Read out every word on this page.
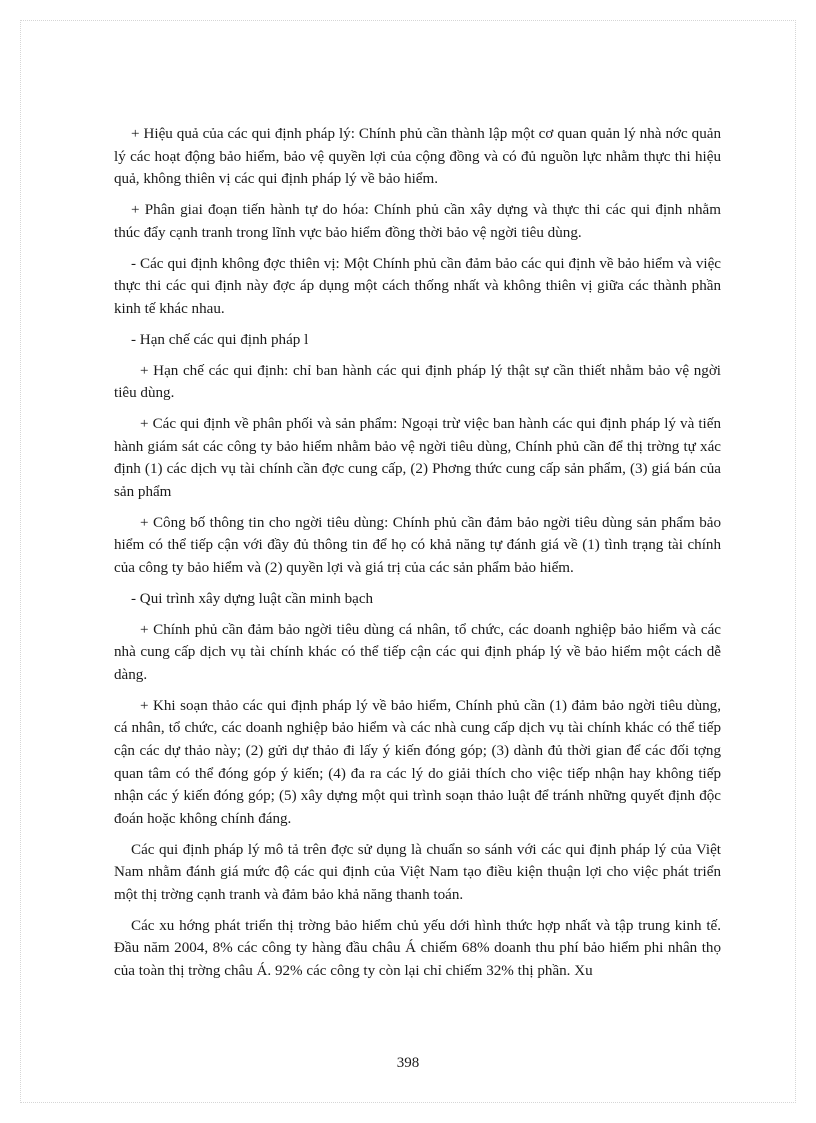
+ Hiệu quả của các qui định pháp lý: Chính phủ cần thành lập một cơ quan quản lý nhà nớc quản lý các hoạt động bảo hiểm, bảo vệ quyền lợi của cộng đồng và có đủ nguồn lực nhằm thực thi hiệu quả, không thiên vị các qui định pháp lý về bảo hiểm.

+ Phân giai đoạn tiến hành tự do hóa: Chính phủ cần xây dựng và thực thi các qui định nhằm thúc đẩy cạnh tranh trong lĩnh vực bảo hiểm đồng thời bảo vệ ngời tiêu dùng.

- Các qui định không đợc thiên vị: Một Chính phủ cần đảm bảo các qui định về bảo hiểm và việc thực thi các qui định này đợc áp dụng một cách thống nhất và không thiên vị giữa các thành phần kinh tế khác nhau.

- Hạn chế các qui định pháp l

+ Hạn chế các qui định: chỉ ban hành các qui định pháp lý thật sự cần thiết nhằm bảo vệ ngời tiêu dùng.

+ Các qui định về phân phối và sản phẩm: Ngoại trừ việc ban hành các qui định pháp lý và tiến hành giám sát các công ty bảo hiểm nhằm bảo vệ ngời tiêu dùng, Chính phủ cần để thị trờng tự xác định (1) các dịch vụ tài chính cần đợc cung cấp, (2) Phơng thức cung cấp sản phẩm, (3) giá bán của sản phẩm

+ Công bố thông tin cho ngời tiêu dùng: Chính phủ cần đảm bảo ngời tiêu dùng sản phẩm bảo hiểm có thể tiếp cận với đầy đủ thông tin để họ có khả năng tự đánh giá về (1) tình trạng tài chính của công ty bảo hiểm và (2) quyền lợi và giá trị của các sản phẩm bảo hiểm.

- Qui trình xây dựng luật cần minh bạch

+ Chính phủ cần đảm bảo ngời tiêu dùng cá nhân, tổ chức, các doanh nghiệp bảo hiểm và các nhà cung cấp dịch vụ tài chính khác có thể tiếp cận các qui định pháp lý về bảo hiểm một cách dễ dàng.

+ Khi soạn thảo các qui định pháp lý về bảo hiểm, Chính phủ cần (1) đảm bảo ngời tiêu dùng, cá nhân, tổ chức, các doanh nghiệp bảo hiểm và các nhà cung cấp dịch vụ tài chính khác có thể tiếp cận các dự thảo này; (2) gửi dự thảo đi lấy ý kiến đóng góp; (3) dành đủ thời gian để các đối tợng quan tâm có thể đóng góp ý kiến; (4) đa ra các lý do giải thích cho việc tiếp nhận hay không tiếp nhận các ý kiến đóng góp; (5) xây dựng một qui trình soạn thảo luật để tránh những quyết định độc đoán hoặc không chính đáng.

Các qui định pháp lý mô tả trên đợc sử dụng là chuẩn so sánh với các qui định pháp lý của Việt Nam nhằm đánh giá mức độ các qui định của Việt Nam tạo điều kiện thuận lợi cho việc phát triển một thị trờng cạnh tranh và đảm bảo khả năng thanh toán.

Các xu hớng phát triển thị trờng bảo hiểm chủ yếu dới hình thức hợp nhất và tập trung kinh tế. Đầu năm 2004, 8% các công ty hàng đầu châu Á chiếm 68% doanh thu phí bảo hiểm phi nhân thọ của toàn thị trờng châu Á. 92% các công ty còn lại chỉ chiếm 32% thị phần. Xu

398
